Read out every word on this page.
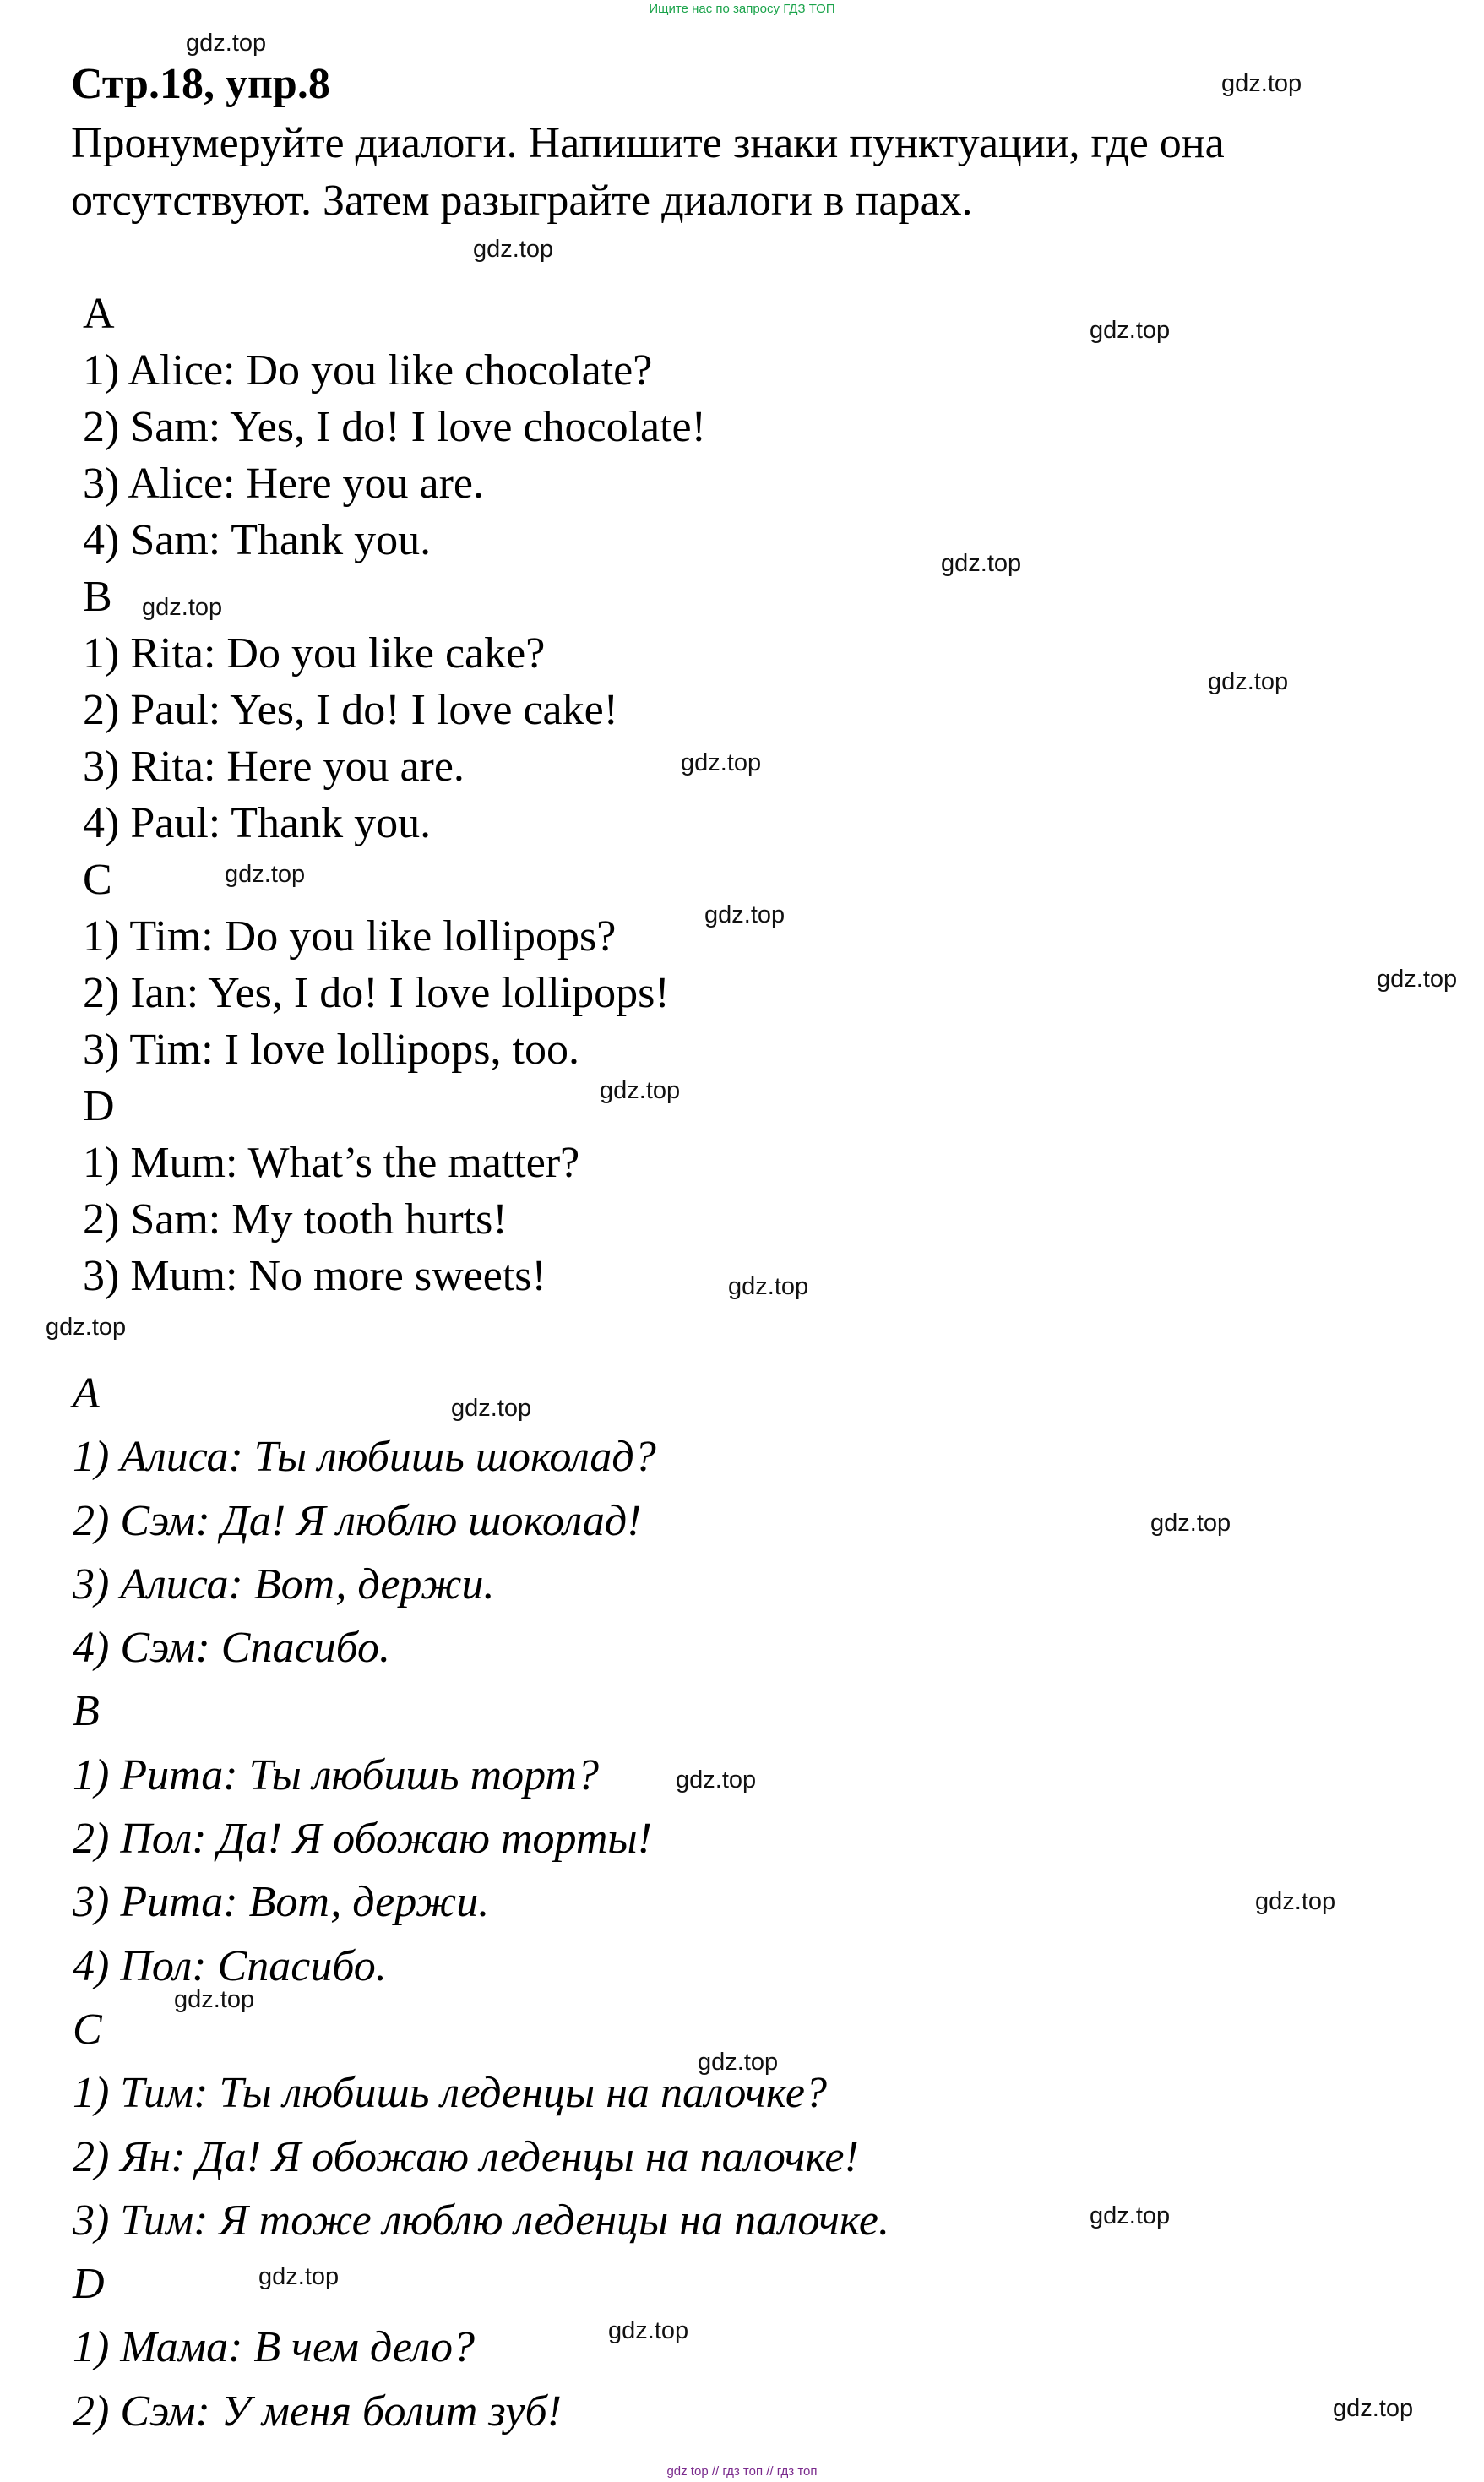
Ищите нас по запросу ГДЗ ТОП
Стр.18, упр.8

Пронумеруйте диалоги. Напишите знаки пунктуации, где она отсутствуют. Затем разыграйте диалоги в парах.

A
1) Alice: Do you like chocolate?
2) Sam: Yes, I do! I love chocolate!
3) Alice: Here you are.
4) Sam: Thank you.
B
1) Rita: Do you like cake?
2) Paul: Yes, I do! I love cake!
3) Rita: Here you are.
4) Paul: Thank you.
C
1) Tim: Do you like lollipops?
2) Ian: Yes, I do! I love lollipops!
3) Tim: I love lollipops, too.
D
1) Mum: What’s the matter?
2) Sam: My tooth hurts!
3) Mum: No more sweets!
A
1) Алиса: Ты любишь шоколад?
2) Сэм: Да! Я люблю шоколад!
3) Алиса: Вот, держи.
4) Сэм: Спасибо.
B
1) Рита: Ты любишь торт?
2) Пол: Да! Я обожаю торты!
3) Рита: Вот, держи.
4) Пол: Спасибо.
C
1) Тим: Ты любишь леденцы на палочке?
2) Ян: Да! Я обожаю леденцы на палочке!
3) Тим: Я тоже люблю леденцы на палочке.
D
1) Мама: В чем дело?
2) Сэм: У меня болит зуб!
gdz.top
gdz.top
gdz.top
gdz.top
gdz.top
gdz.top
gdz.top
gdz.top
gdz.top
gdz.top
gdz.top
gdz.top
gdz.top
gdz.top
gdz.top
gdz.top
gdz.top
gdz.top
gdz.top
gdz.top
gdz.top
gdz.top
gdz.top
gdz.top
gdz top // гдз топ // гдз топ
